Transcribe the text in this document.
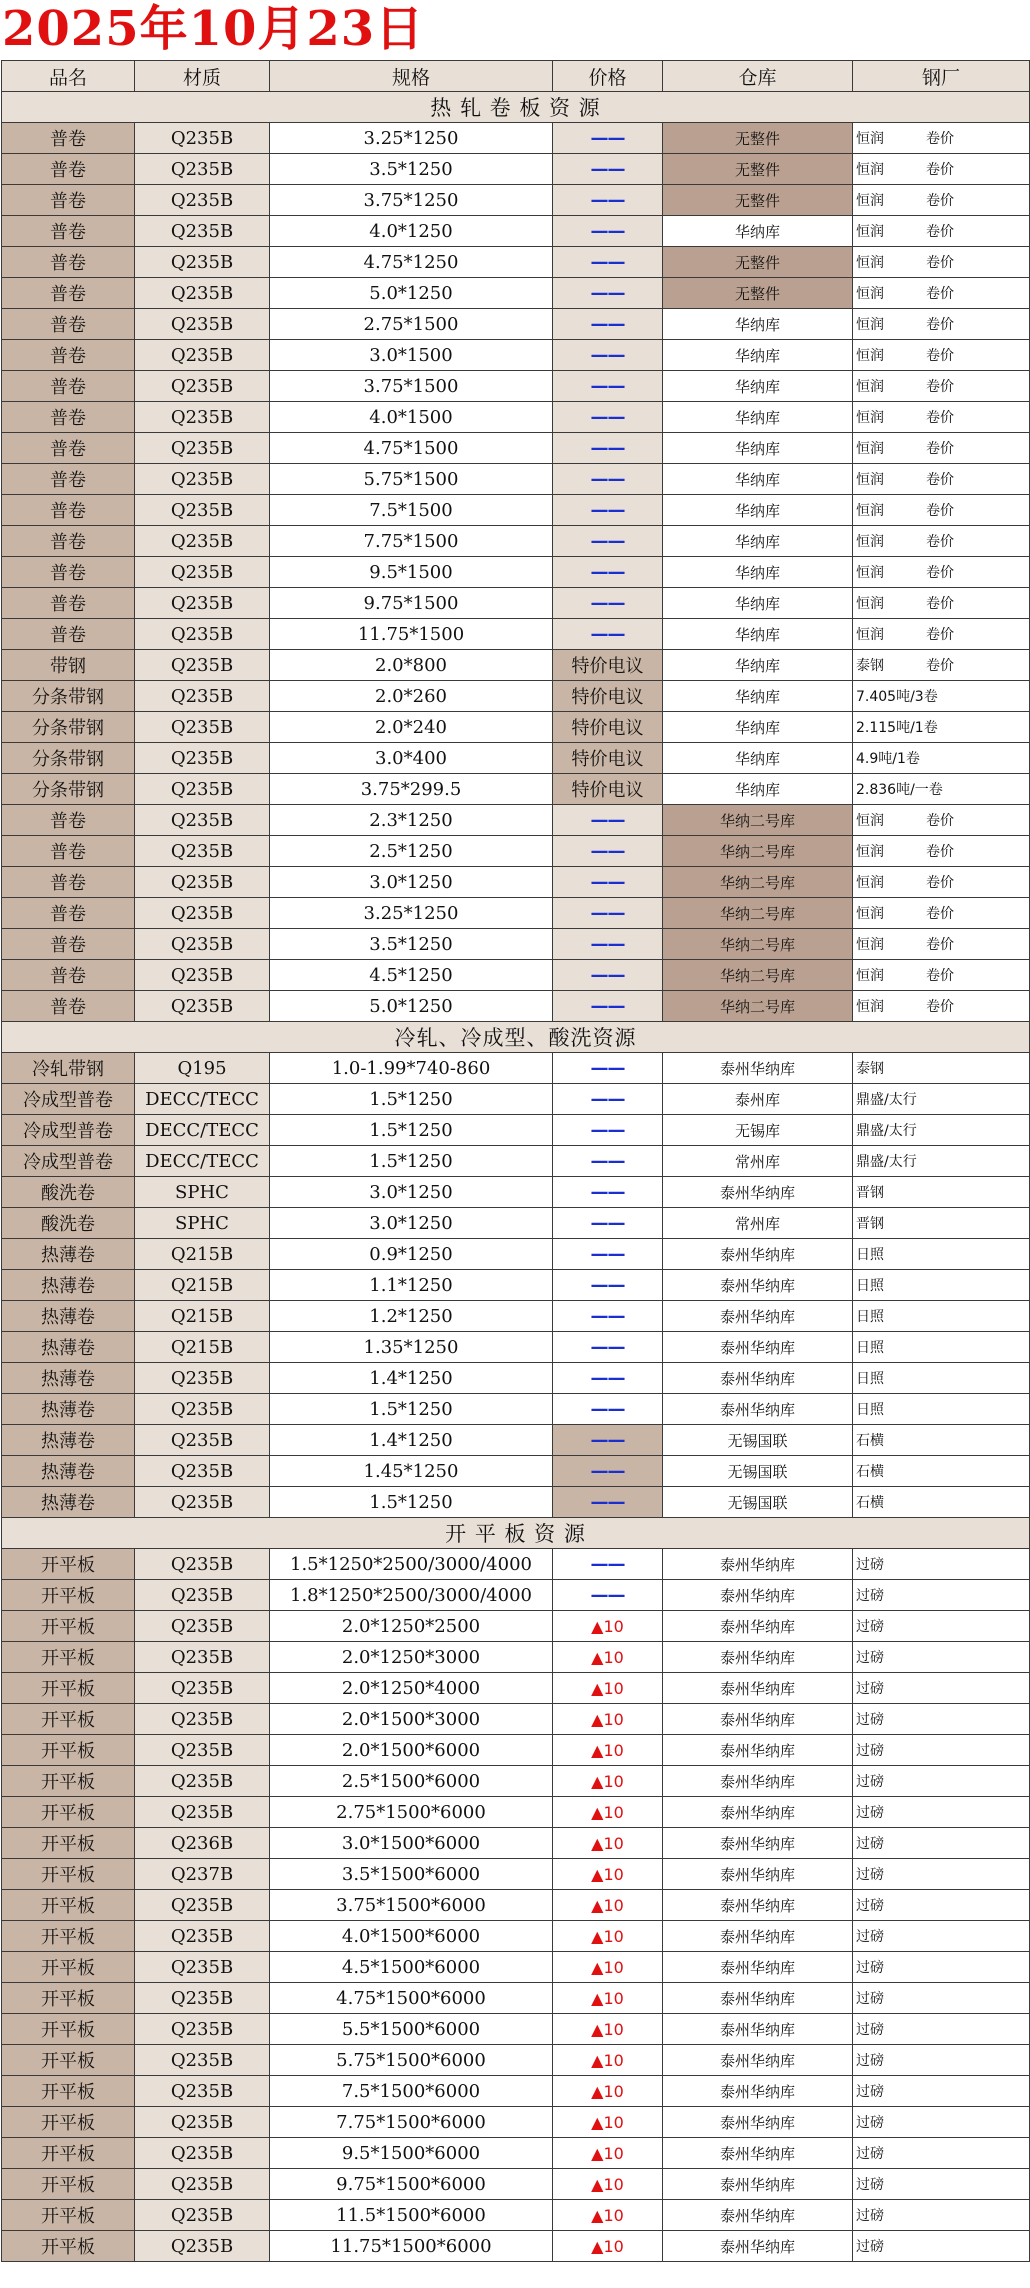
2025年10月23日
品名	材质	规格	价格	仓库	钢厂
热 轧 卷 板 资 源					
普卷	Q235B	3.25*1250	——	无整件	恒润 卷价
普卷	Q235B	3.5*1250	——	无整件	恒润 卷价
普卷	Q235B	3.75*1250	——	无整件	恒润 卷价
普卷	Q235B	4.0*1250	——	华纳库	恒润 卷价
普卷	Q235B	4.75*1250	——	无整件	恒润 卷价
普卷	Q235B	5.0*1250	——	无整件	恒润 卷价
普卷	Q235B	2.75*1500	——	华纳库	恒润 卷价
普卷	Q235B	3.0*1500	——	华纳库	恒润 卷价
普卷	Q235B	3.75*1500	——	华纳库	恒润 卷价
普卷	Q235B	4.0*1500	——	华纳库	恒润 卷价
普卷	Q235B	4.75*1500	——	华纳库	恒润 卷价
普卷	Q235B	5.75*1500	——	华纳库	恒润 卷价
普卷	Q235B	7.5*1500	——	华纳库	恒润 卷价
普卷	Q235B	7.75*1500	——	华纳库	恒润 卷价
普卷	Q235B	9.5*1500	——	华纳库	恒润 卷价
普卷	Q235B	9.75*1500	——	华纳库	恒润 卷价
普卷	Q235B	11.75*1500	——	华纳库	恒润 卷价
带钢	Q235B	2.0*800	特价电议	华纳库	泰钢 卷价
分条带钢	Q235B	2.0*260	特价电议	华纳库	7.405吨/3卷
分条带钢	Q235B	2.0*240	特价电议	华纳库	2.115吨/1卷
分条带钢	Q235B	3.0*400	特价电议	华纳库	4.9吨/1卷
分条带钢	Q235B	3.75*299.5	特价电议	华纳库	2.836吨/一卷
普卷	Q235B	2.3*1250	——	华纳二号库	恒润 卷价
普卷	Q235B	2.5*1250	——	华纳二号库	恒润 卷价
普卷	Q235B	3.0*1250	——	华纳二号库	恒润 卷价
普卷	Q235B	3.25*1250	——	华纳二号库	恒润 卷价
普卷	Q235B	3.5*1250	——	华纳二号库	恒润 卷价
普卷	Q235B	4.5*1250	——	华纳二号库	恒润 卷价
普卷	Q235B	5.0*1250	——	华纳二号库	恒润 卷价
冷轧、冷成型、酸洗资源					
冷轧带钢	Q195	1.0-1.99*740-860	——	泰州华纳库	泰钢
冷成型普卷	DECC/TECC	1.5*1250	——	泰州库	鼎盛/太行
冷成型普卷	DECC/TECC	1.5*1250	——	无锡库	鼎盛/太行
冷成型普卷	DECC/TECC	1.5*1250	——	常州库	鼎盛/太行
酸洗卷	SPHC	3.0*1250	——	泰州华纳库	晋钢
酸洗卷	SPHC	3.0*1250	——	常州库	晋钢
热薄卷	Q215B	0.9*1250	——	泰州华纳库	日照
热薄卷	Q215B	1.1*1250	——	泰州华纳库	日照
热薄卷	Q215B	1.2*1250	——	泰州华纳库	日照
热薄卷	Q215B	1.35*1250	——	泰州华纳库	日照
热薄卷	Q235B	1.4*1250	——	泰州华纳库	日照
热薄卷	Q235B	1.5*1250	——	泰州华纳库	日照
热薄卷	Q235B	1.4*1250	——	无锡国联	石横
热薄卷	Q235B	1.45*1250	——	无锡国联	石横
热薄卷	Q235B	1.5*1250	——	无锡国联	石横
开 平 板 资 源					
开平板	Q235B	1.5*1250*2500/3000/4000	——	泰州华纳库	过磅
开平板	Q235B	1.8*1250*2500/3000/4000	——	泰州华纳库	过磅
开平板	Q235B	2.0*1250*2500	▲10	泰州华纳库	过磅
开平板	Q235B	2.0*1250*3000	▲10	泰州华纳库	过磅
开平板	Q235B	2.0*1250*4000	▲10	泰州华纳库	过磅
开平板	Q235B	2.0*1500*3000	▲10	泰州华纳库	过磅
开平板	Q235B	2.0*1500*6000	▲10	泰州华纳库	过磅
开平板	Q235B	2.5*1500*6000	▲10	泰州华纳库	过磅
开平板	Q235B	2.75*1500*6000	▲10	泰州华纳库	过磅
开平板	Q236B	3.0*1500*6000	▲10	泰州华纳库	过磅
开平板	Q237B	3.5*1500*6000	▲10	泰州华纳库	过磅
开平板	Q235B	3.75*1500*6000	▲10	泰州华纳库	过磅
开平板	Q235B	4.0*1500*6000	▲10	泰州华纳库	过磅
开平板	Q235B	4.5*1500*6000	▲10	泰州华纳库	过磅
开平板	Q235B	4.75*1500*6000	▲10	泰州华纳库	过磅
开平板	Q235B	5.5*1500*6000	▲10	泰州华纳库	过磅
开平板	Q235B	5.75*1500*6000	▲10	泰州华纳库	过磅
开平板	Q235B	7.5*1500*6000	▲10	泰州华纳库	过磅
开平板	Q235B	7.75*1500*6000	▲10	泰州华纳库	过磅
开平板	Q235B	9.5*1500*6000	▲10	泰州华纳库	过磅
开平板	Q235B	9.75*1500*6000	▲10	泰州华纳库	过磅
开平板	Q235B	11.5*1500*6000	▲10	泰州华纳库	过磅
开平板	Q235B	11.75*1500*6000	▲10	泰州华纳库	过磅
